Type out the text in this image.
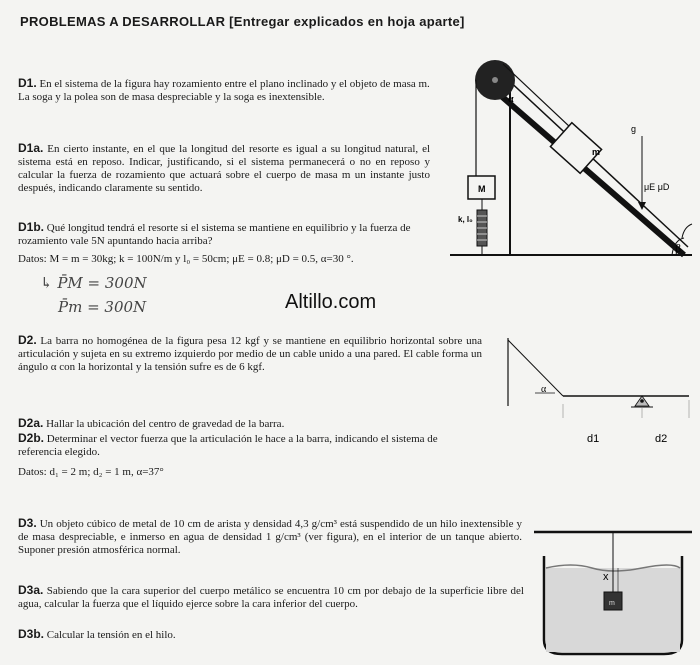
PROBLEMAS A DESARROLLAR [Entregar explicados en hoja aparte]
D1. En el sistema de la figura hay rozamiento entre el plano inclinado y el objeto de masa m. La soga y la polea son de masa despreciable y la soga es inextensible.
D1a. En cierto instante, en el que la longitud del resorte es igual a su longitud natural, el sistema está en reposo. Indicar, justificando, si el sistema permanecerá o no en reposo y calcular la fuerza de rozamiento que actuará sobre el cuerpo de masa m un instante justo después, indicando claramente su sentido.
D1b. Qué longitud tendrá el resorte si el sistema se mantiene en equilibrio y la fuerza de rozamiento vale 5N apuntando hacia arriba?
Datos: M = m = 30kg; k = 100N/m y l₀ = 50cm; μE = 0.8; μD = 0.5, α=30 °.
↳ P̄M = 300N
P̄m = 300N	Altillo.com
m
M
k, l₀
α
g
μE μD
β
D2. La barra no homogénea de la figura pesa 12 kgf y se mantiene en equilibrio horizontal sobre una articulación y sujeta en su extremo izquierdo por medio de un cable unido a una pared. El cable forma un ángulo α con la horizontal y la tensión sufre es de 6 kgf.
D2a. Hallar la ubicación del centro de gravedad de la barra.
D2b. Determinar el vector fuerza que la articulación le hace a la barra, indicando el sistema de referencia elegido.
Datos: d₁ = 2 m; d₂ = 1 m, α=37°
α
d1	d2
D3. Un objeto cúbico de metal de 10 cm de arista y densidad 4,3 g/cm³ está suspendido de un hilo inextensible y de masa despreciable, e inmerso en agua de densidad 1 g/cm³ (ver figura), en el interior de un tanque abierto. Suponer presión atmosférica normal.
D3a. Sabiendo que la cara superior del cuerpo metálico se encuentra 10 cm por debajo de la superficie libre del agua, calcular la fuerza que el líquido ejerce sobre la cara inferior del cuerpo.
D3b. Calcular la tensión en el hilo.
m
x
